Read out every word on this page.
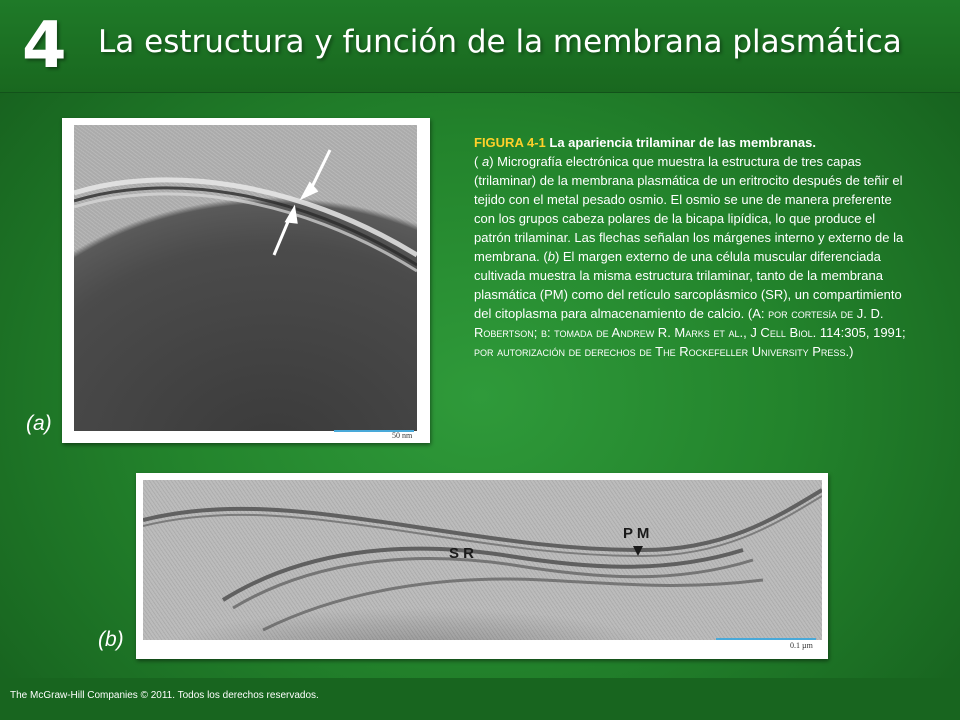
4 La estructura y función de la membrana plasmática
50 nm
(a)
FIGURA 4-1 La apariencia trilaminar de las membranas.
( a) Micrografía electrónica que muestra la estructura de tres capas (trilaminar) de la membrana plasmática de un eritrocito después de teñir el tejido con el metal pesado osmio. El osmio se une de manera preferente con los grupos cabeza polares de la bicapa lipídica, lo que produce el patrón trilaminar. Las flechas señalan los márgenes interno y externo de la membrana. (b) El margen externo de una célula muscular diferenciada cultivada muestra la misma estructura trilaminar, tanto de la membrana plasmática (PM) como del retículo sarcoplásmico (SR), un compartimiento del citoplasma para almacenamiento de calcio. (A: por cortesía de J. D. Robertson; b: tomada de Andrew R. Marks et al., J Cell Biol. 114:305, 1991; por autorización de derechos de The Rockefeller University Press.)
S R
P M
0.1 µm
(b)
The McGraw-Hill Companies © 2011. Todos los derechos reservados.
